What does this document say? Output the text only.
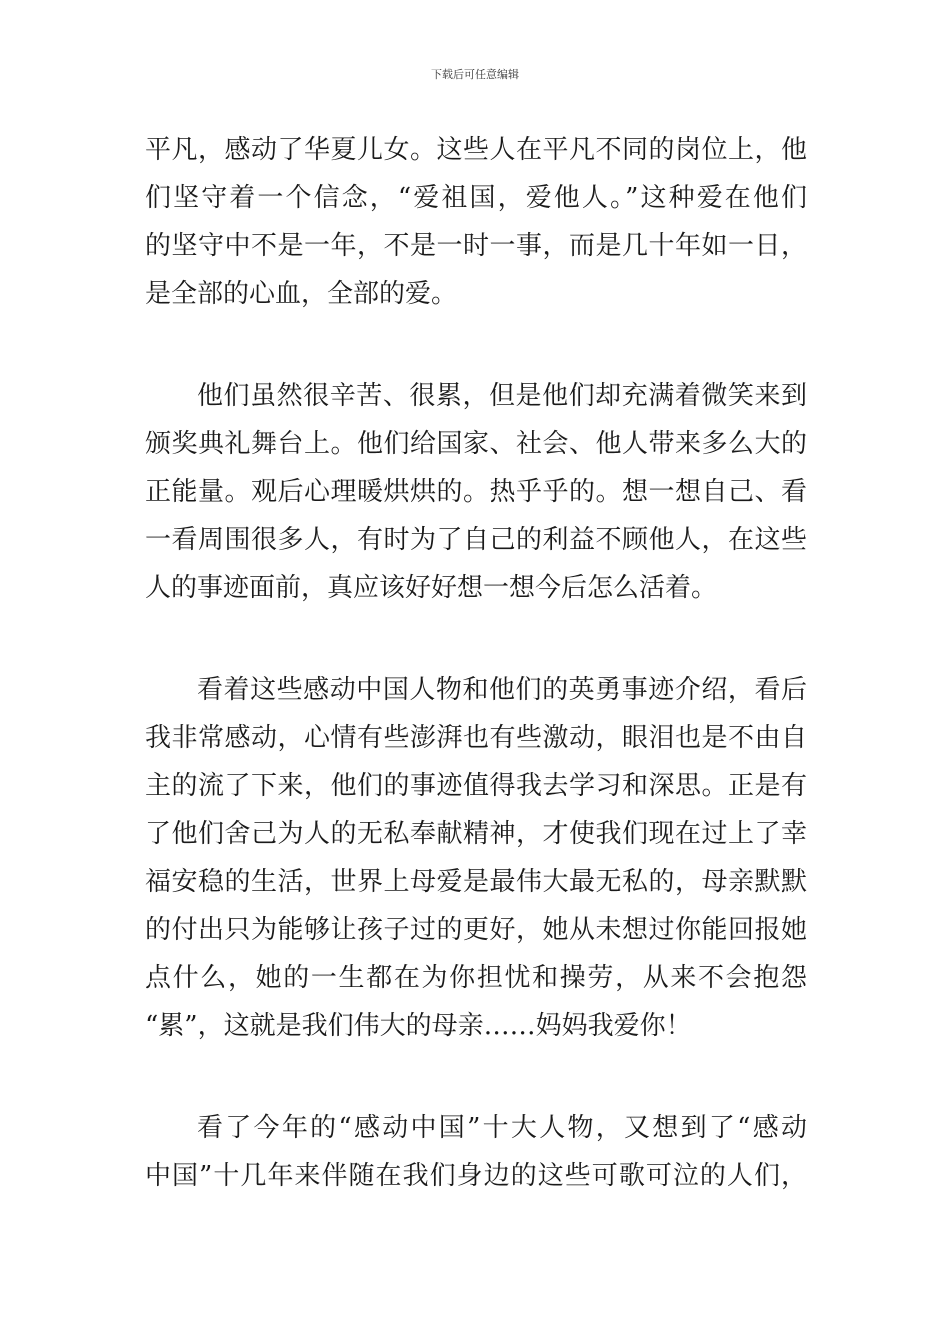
下载后可任意编辑
平凡，感动了华夏儿女。这些人在平凡不同的岗位上，他
们坚守着一个信念，“爱祖国，爱他人。”这种爱在他们
的坚守中不是一年，不是一时一事，而是几十年如一日，
是全部的心血，全部的爱。
他们虽然很辛苦、很累，但是他们却充满着微笑来到
颁奖典礼舞台上。他们给国家、社会、他人带来多么大的
正能量。观后心理暖烘烘的。热乎乎的。想一想自己、看
一看周围很多人，有时为了自己的利益不顾他人，在这些
人的事迹面前，真应该好好想一想今后怎么活着。
看着这些感动中国人物和他们的英勇事迹介绍，看后
我非常感动，心情有些澎湃也有些激动，眼泪也是不由自
主的流了下来，他们的事迹值得我去学习和深思。正是有
了他们舍己为人的无私奉献精神，才使我们现在过上了幸
福安稳的生活，世界上母爱是最伟大最无私的，母亲默默
的付出只为能够让孩子过的更好，她从未想过你能回报她
点什么，她的一生都在为你担忧和操劳，从来不会抱怨
“累”，这就是我们伟大的母亲……妈妈我爱你！
看了今年的“感动中国”十大人物，又想到了“感动
中国”十几年来伴随在我们身边的这些可歌可泣的人们，
